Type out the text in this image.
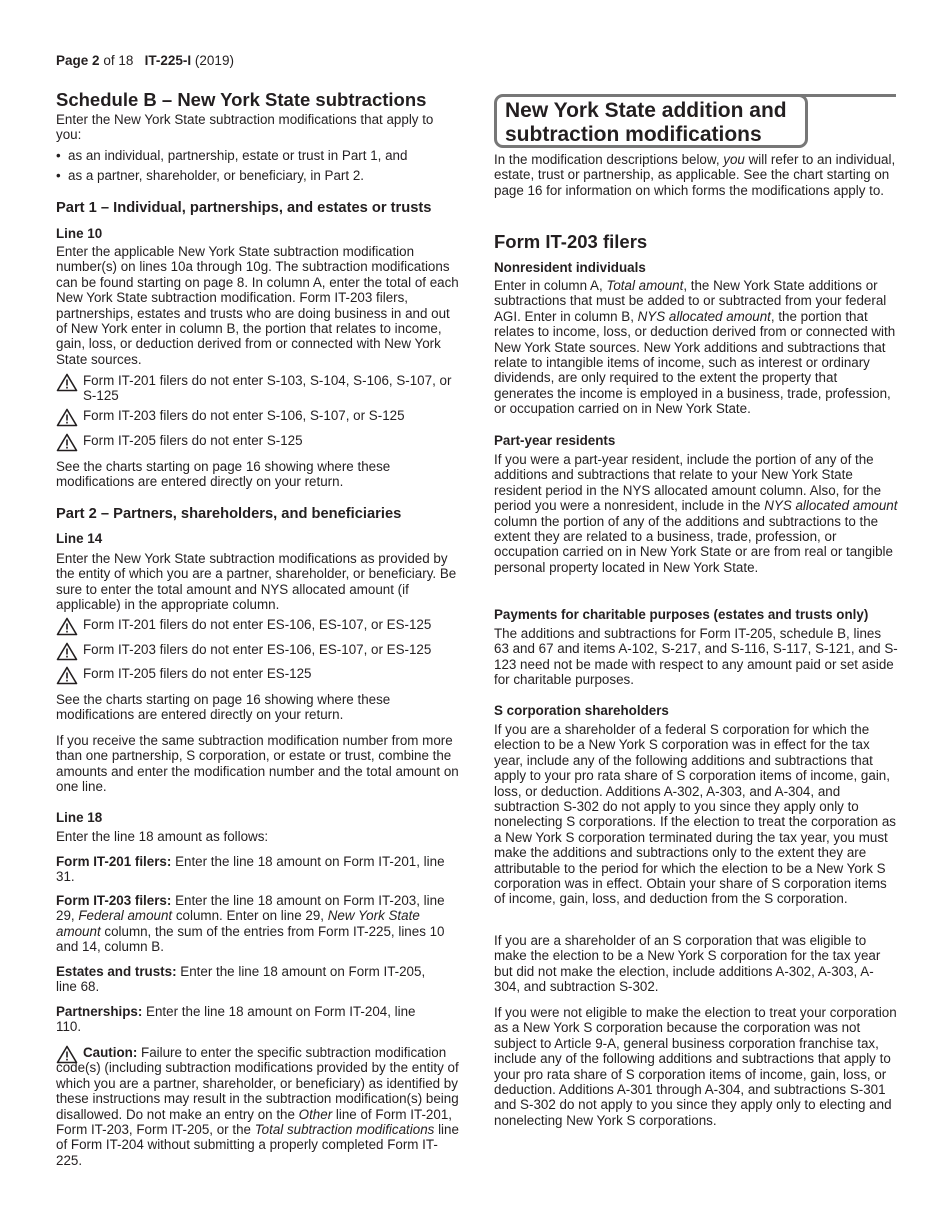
Page 2 of 18 IT-225-I (2019)
Schedule B – New York State subtractions

Enter the New York State subtraction modifications that apply to you:

• as an individual, partnership, estate or trust in Part 1, and

• as a partner, shareholder, or beneficiary, in Part 2.

Part 1 – Individual, partnerships, and estates or trusts
Line 10

Enter the applicable New York State subtraction modification number(s) on lines 10a through 10g. The subtraction modifications can be found starting on page 8. In column A, enter the total of each New York State subtraction modification. Form IT-203 filers, partnerships, estates and trusts who are doing business in and out of New York enter in column B, the portion that relates to income, gain, loss, or deduction derived from or connected with New York State sources.

Form IT-201 filers do not enter S-103, S-104, S-106, S-107, or S-125
Form IT-203 filers do not enter S-106, S-107, or S-125
Form IT-205 filers do not enter S-125

See the charts starting on page 16 showing where these modifications are entered directly on your return.

Part 2 – Partners, shareholders, and beneficiaries
Line 14

Enter the New York State subtraction modifications as provided by the entity of which you are a partner, shareholder, or beneficiary. Be sure to enter the total amount and NYS allocated amount (if applicable) in the appropriate column.

Form IT-201 filers do not enter ES-106, ES-107, or ES-125
Form IT-203 filers do not enter ES-106, ES-107, or ES-125
Form IT-205 filers do not enter ES-125

See the charts starting on page 16 showing where these modifications are entered directly on your return.

If you receive the same subtraction modification number from more than one partnership, S corporation, or estate or trust, combine the amounts and enter the modification number and the total amount on one line.

Line 18

Enter the line 18 amount as follows:

Form IT-201 filers: Enter the line 18 amount on Form IT-201, line 31.

Form IT-203 filers: Enter the line 18 amount on Form IT-203, line 29, Federal amount column. Enter on line 29, New York State amount column, the sum of the entries from Form IT-225, lines 10 and 14, column B.

Estates and trusts: Enter the line 18 amount on Form IT-205, line 68.

Partnerships: Enter the line 18 amount on Form IT-204, line 110.

Caution: Failure to enter the specific subtraction modification code(s) (including subtraction modifications provided by the entity of which you are a partner, shareholder, or beneficiary) as identified by these instructions may result in the subtraction modification(s) being disallowed. Do not make an entry on the Other line of Form IT-201, Form IT-203, Form IT-205, or the Total subtraction modifications line of Form IT-204 without submitting a properly completed Form IT-225.
New York State addition and subtraction modifications

In the modification descriptions below, you will refer to an individual, estate, trust or partnership, as applicable. See the chart starting on page 16 for information on which forms the modifications apply to.

Form IT-203 filers
Nonresident individuals

Enter in column A, Total amount, the New York State additions or subtractions that must be added to or subtracted from your federal AGI. Enter in column B, NYS allocated amount, the portion that relates to income, loss, or deduction derived from or connected with New York State sources. New York additions and subtractions that relate to intangible items of income, such as interest or ordinary dividends, are only required to the extent the property that generates the income is employed in a business, trade, profession, or occupation carried on in New York State.

Part-year residents

If you were a part-year resident, include the portion of any of the additions and subtractions that relate to your New York State resident period in the NYS allocated amount column. Also, for the period you were a nonresident, include in the NYS allocated amount column the portion of any of the additions and subtractions to the extent they are related to a business, trade, profession, or occupation carried on in New York State or are from real or tangible personal property located in New York State.

Payments for charitable purposes (estates and trusts only)

The additions and subtractions for Form IT-205, schedule B, lines 63 and 67 and items A-102, S-217, and S-116, S-117, S-121, and S-123 need not be made with respect to any amount paid or set aside for charitable purposes.

S corporation shareholders

If you are a shareholder of a federal S corporation for which the election to be a New York S corporation was in effect for the tax year, include any of the following additions and subtractions that apply to your pro rata share of S corporation items of income, gain, loss, or deduction. Additions A-302, A-303, and A-304, and subtraction S-302 do not apply to you since they apply only to nonelecting S corporations. If the election to treat the corporation as a New York S corporation terminated during the tax year, you must make the additions and subtractions only to the extent they are attributable to the period for which the election to be a New York S corporation was in effect. Obtain your share of S corporation items of income, gain, loss, and deduction from the S corporation.

If you are a shareholder of an S corporation that was eligible to make the election to be a New York S corporation for the tax year but did not make the election, include additions A-302, A-303, A-304, and subtraction S-302.

If you were not eligible to make the election to treat your corporation as a New York S corporation because the corporation was not subject to Article 9-A, general business corporation franchise tax, include any of the following additions and subtractions that apply to your pro rata share of S corporation items of income, gain, loss, or deduction. Additions A-301 through A-304, and subtractions S-301 and S-302 do not apply to you since they apply only to electing and nonelecting New York S corporations.
